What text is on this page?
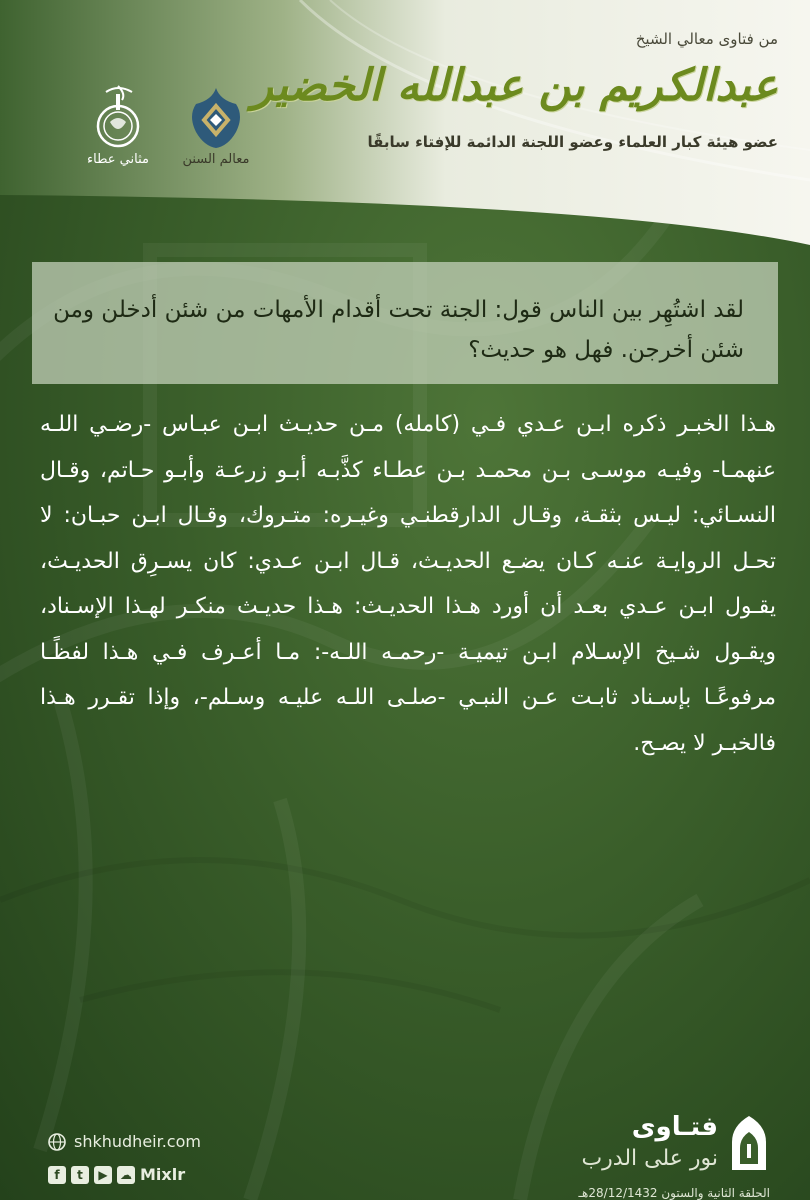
من فتاوى معالي الشيخ
عبدالكريم بن عبدالله الخضير
عضو هيئة كبار العلماء وعضو اللجنة الدائمة للإفتاء سابقًا
معالم السنن
مثاني عطاء

لقد اشتُهِر بين الناس قول: الجنة تحت أقدام الأمهات من شئن أدخلن ومن شئن أخرجن. فهل هو حديث؟

هـذا الخبـر ذكره ابـن عـدي فـي (كامله) مـن حديـث ابـن عبـاس -رضـي اللـه عنهمـا- وفيـه موسـى بـن محمـد بـن عطـاء كذَّبـه أبـو زرعـة وأبـو حـاتم، وقـال النسـائي: ليـس بثقـة، وقـال الدارقطنـي وغيـره: متـروك، وقـال ابـن حبـان: لا تحـل الروايـة عنـه كـان يضـع الحديـث، قـال ابـن عـدي: كان يسـرِق الحديـث، يقـول ابـن عـدي بعـد أن أورد هـذا الحديـث: هـذا حديـث منكـر لهـذا الإسـناد، ويقـول شـيخ الإسـلام ابـن تيميـة -رحمـه اللـه-: مـا أعـرف فـي هـذا لفظًـا مرفوعًـا بإسـناد ثابـت عـن النبـي -صلـى اللـه عليـه وسـلم-، وإذا تقـرر هـذا فالخبـر لا يصـح.

shkhudheir.com
f	t	▶	☁ Mixlr
فتـاوى
نور على الدرب
الحلقة الثانية والستون 28/12/1432هـ
